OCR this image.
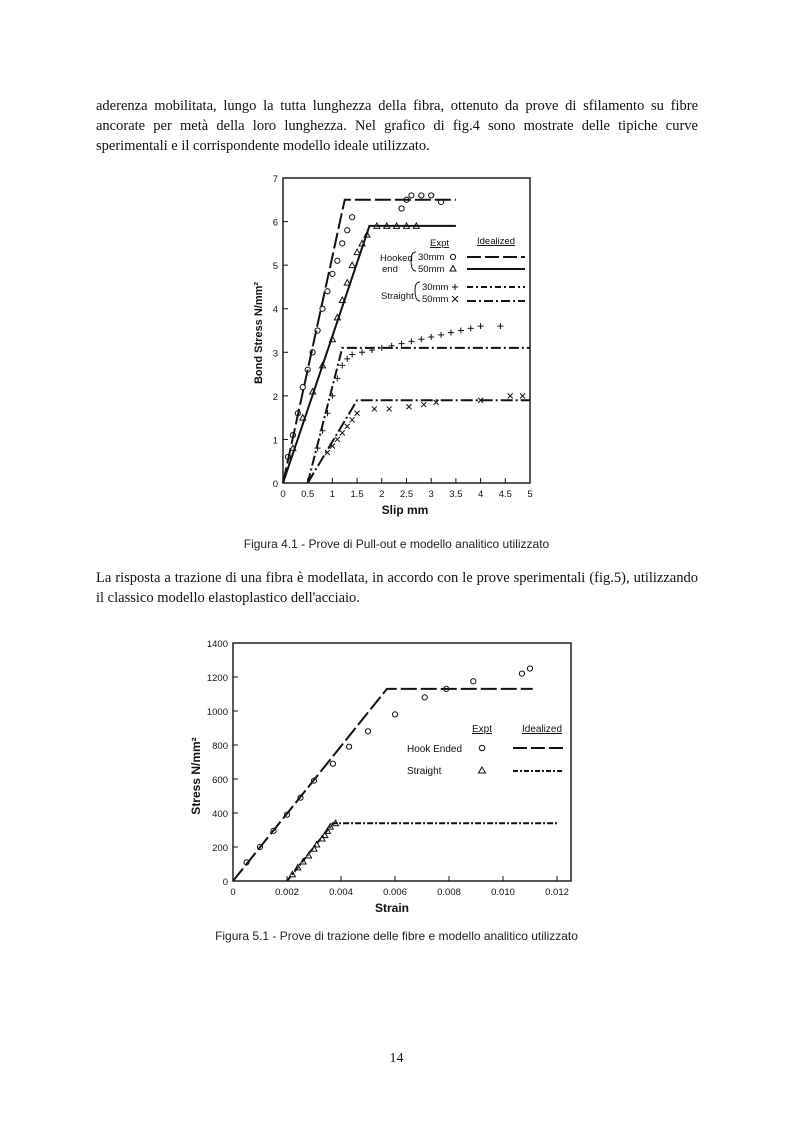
aderenza mobilitata, lungo la tutta lunghezza della fibra, ottenuto da prove di sfilamento su fibre ancorate per metà della loro lunghezza. Nel grafico di fig.4 sono mostrate delle tipiche curve sperimentali e il corrispondente modello ideale utilizzato.

0 0.5 1 1.5 2 2.5 3 3.5 4 4.5 5
0
1
2
3
4
5
6
7
Slip mm
Bond Stress N/mm²
Expt	Idealized
Hooked
end
30mm
50mm
Straight
30mm
50mm
Figura 4.1 - Prove di Pull-out e modello analitico utilizzato

La risposta a trazione di una fibra è modellata, in accordo con le prove sperimentali (fig.5), utilizzando il classico modello elastoplastico dell'acciaio.

0	0.002	0.004	0.006	0.008	0.010	0.012
0
200
400
600
800
1000
1200
1400
Strain
Stress N/mm²
Expt	Idealized
Hook Ended
Straight
Figura 5.1 - Prove di trazione delle fibre e modello analitico utilizzato
14
